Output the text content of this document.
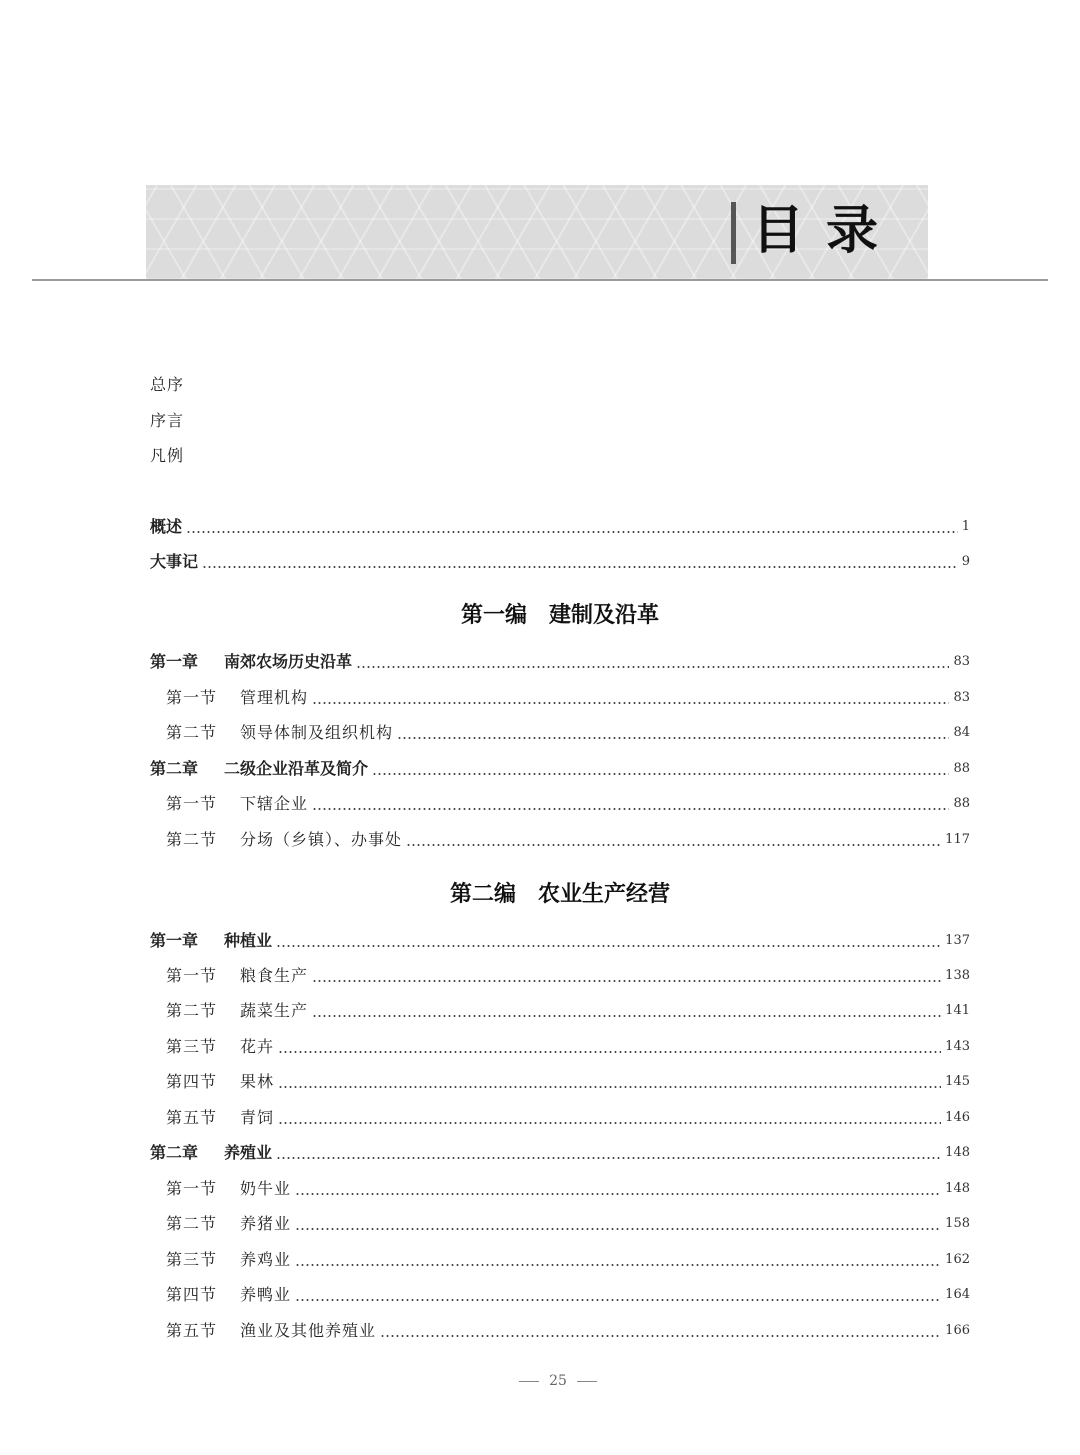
目录
总序
序言
凡例
概述	1
大事记	9
第一编　建制及沿革
第一章 南郊农场历史沿革	83
第一节 管理机构	83
第二节 领导体制及组织机构	84
第二章 二级企业沿革及简介	88
第一节 下辖企业	88
第二节 分场（乡镇）、办事处	117
第二编　农业生产经营
第一章 种植业	137
第一节 粮食生产	138
第二节 蔬菜生产	141
第三节 花卉	143
第四节 果林	145
第五节 青饲	146
第二章 养殖业	148
第一节 奶牛业	148
第二节 养猪业	158
第三节 养鸡业	162
第四节 养鸭业	164
第五节 渔业及其他养殖业	166
25
